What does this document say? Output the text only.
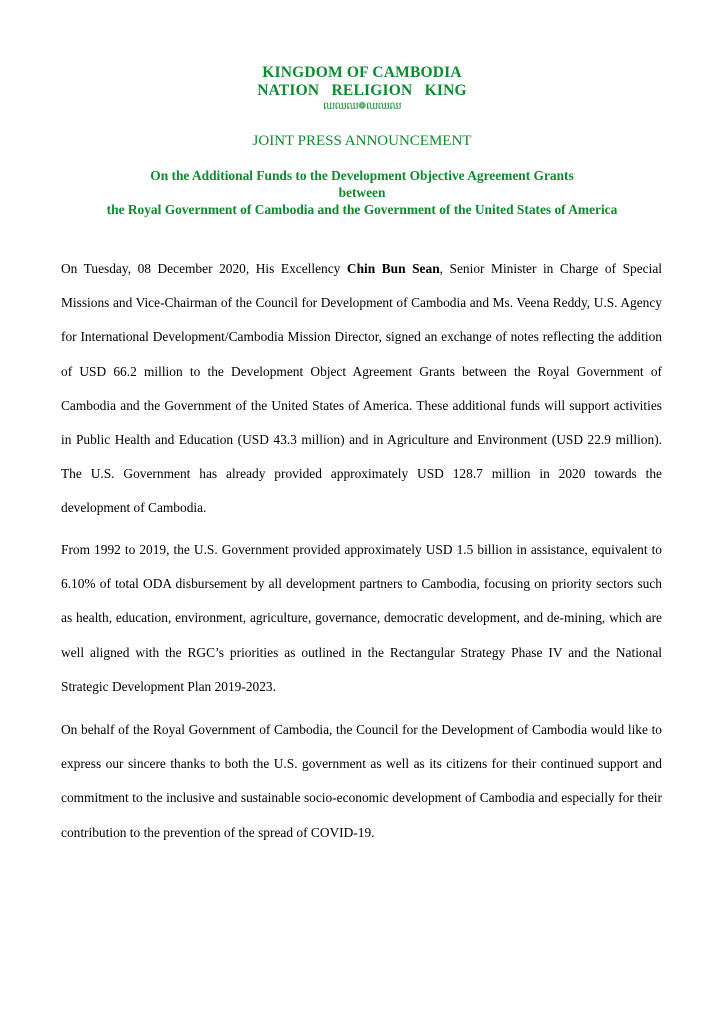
KINGDOM OF CAMBODIA
NATION   RELIGION   KING
ឈឈឈ❁ឈឈឈ
JOINT PRESS ANNOUNCEMENT
On the Additional Funds to the Development Objective Agreement Grants
between
the Royal Government of Cambodia and the Government of the United States of America

On Tuesday, 08 December 2020, His Excellency Chin Bun Sean, Senior Minister in Charge of Special Missions and Vice-Chairman of the Council for Development of Cambodia and Ms. Veena Reddy, U.S. Agency for International Development/Cambodia Mission Director, signed an exchange of notes reflecting the addition of USD 66.2 million to the Development Object Agreement Grants between the Royal Government of Cambodia and the Government of the United States of America. These additional funds will support activities in Public Health and Education (USD 43.3 million) and in Agriculture and Environment (USD 22.9 million). The U.S. Government has already provided approximately USD 128.7 million in 2020 towards the development of Cambodia.

From 1992 to 2019, the U.S. Government provided approximately USD 1.5 billion in assistance, equivalent to 6.10% of total ODA disbursement by all development partners to Cambodia, focusing on priority sectors such as health, education, environment, agriculture, governance, democratic development, and de-mining, which are well aligned with the RGC’s priorities as outlined in the Rectangular Strategy Phase IV and the National Strategic Development Plan 2019-2023.

On behalf of the Royal Government of Cambodia, the Council for the Development of Cambodia would like to express our sincere thanks to both the U.S. government as well as its citizens for their continued support and commitment to the inclusive and sustainable socio-economic development of Cambodia and especially for their contribution to the prevention of the spread of COVID-19.
